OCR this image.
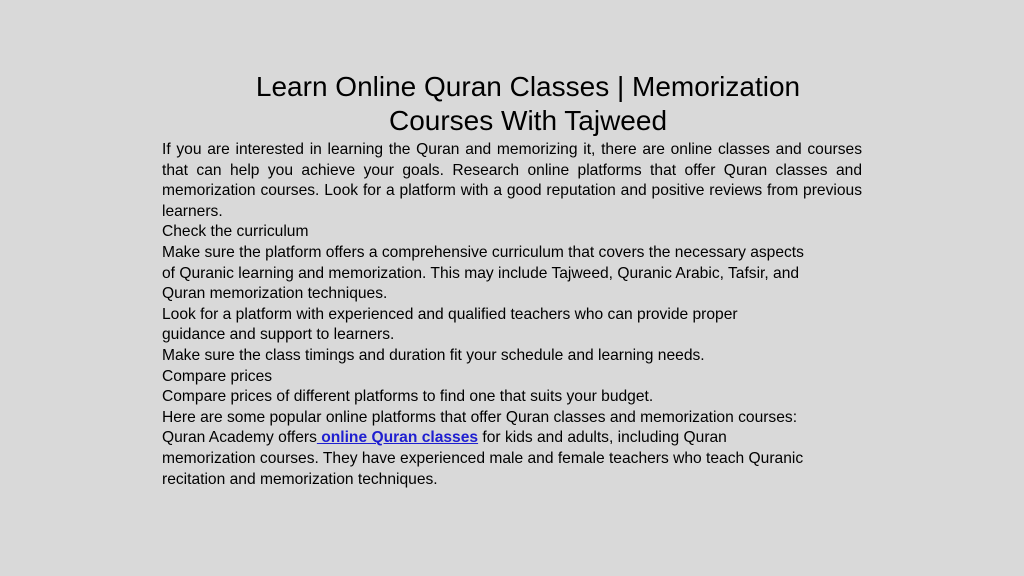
Learn Online Quran Classes | Memorization
Courses With Tajweed

If you are interested in learning the Quran and memorizing it, there are online classes and courses that can help you achieve your goals. Research online platforms that offer Quran classes and memorization courses. Look for a platform with a good reputation and positive reviews from previous learners.

Check the curriculum

Make sure the platform offers a comprehensive curriculum that covers the necessary aspects of Quranic learning and memorization. This may include Tajweed, Quranic Arabic, Tafsir, and Quran memorization techniques.

Look for a platform with experienced and qualified teachers who can provide proper guidance and support to learners.

Make sure the class timings and duration fit your schedule and learning needs.

Compare prices

Compare prices of different platforms to find one that suits your budget.

Here are some popular online platforms that offer Quran classes and memorization courses:

Quran Academy offers online Quran classes for kids and adults, including Quran memorization courses. They have experienced male and female teachers who teach Quranic recitation and memorization techniques.
